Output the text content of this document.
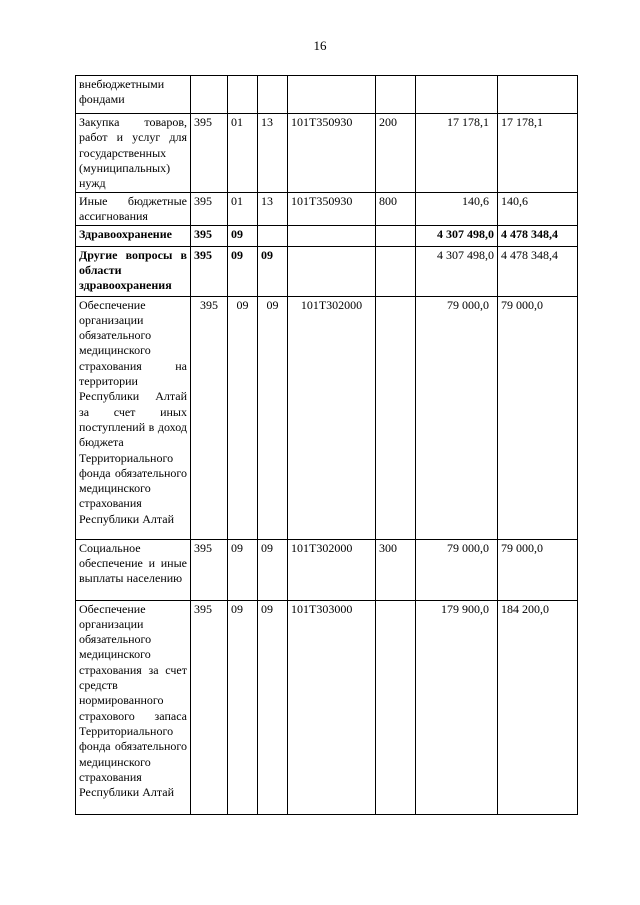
16
внебюджетными фондами							
Закупка товаров, работ и услуг для государственных (муниципальных) нужд	395	01	13	101Т350930	200	17 178,1	17 178,1
Иные бюджетные ассигнования	395	01	13	101Т350930	800	140,6	140,6
Здравоохранение	395	09				4 307 498,0	4 478 348,4
Другие вопросы в области здравоохранения	395	09	09			4 307 498,0	4 478 348,4
Обеспечение организации обязательного медицинского страхования на территории Республики Алтай за счет иных поступлений в доход бюджета Территориального фонда обязательного медицинского страхования Республики Алтай	395	09	09	101Т302000		79 000,0	79 000,0
Социальное обеспечение и иные выплаты населению	395	09	09	101Т302000	300	79 000,0	79 000,0
Обеспечение организации обязательного медицинского страхования за счет средств нормированного страхового запаса Территориального фонда обязательного медицинского страхования Республики Алтай	395	09	09	101Т303000		179 900,0	184 200,0
